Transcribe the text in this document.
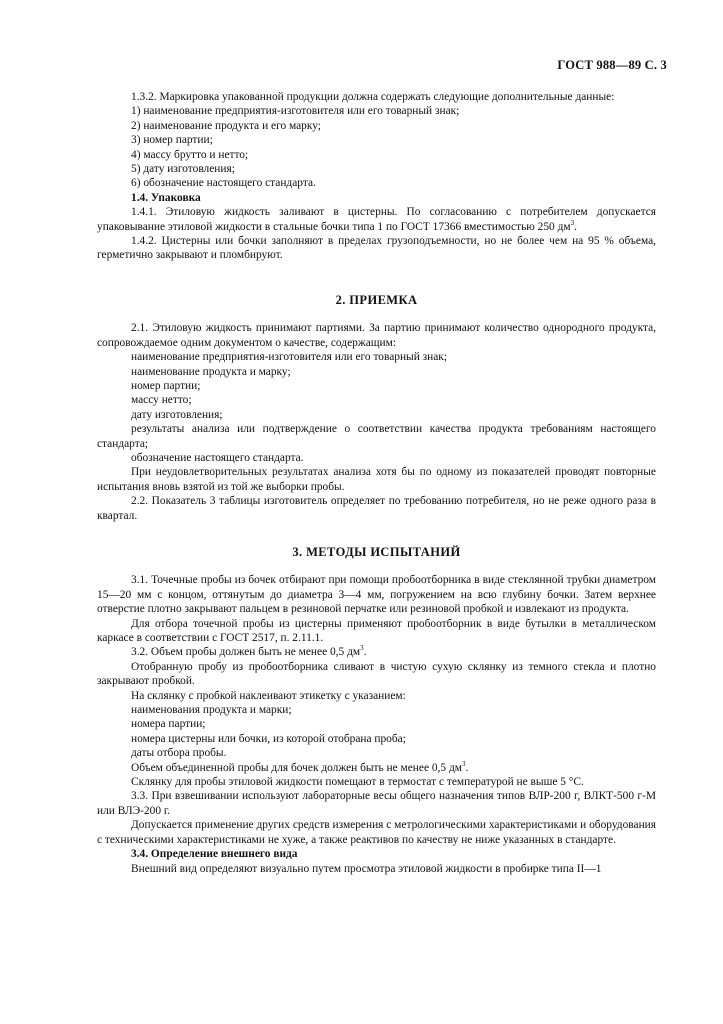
ГОСТ 988—89 С. 3

1.3.2. Маркировка упакованной продукции должна содержать следующие дополнительные данные:

1) наименование предприятия-изготовителя или его товарный знак;

2) наименование продукта и его марку;

3) номер партии;

4) массу брутто и нетто;

5) дату изготовления;

6) обозначение настоящего стандарта.

1.4. Упаковка

1.4.1. Этиловую жидкость заливают в цистерны. По согласованию с потребителем допускается упаковывание этиловой жидкости в стальные бочки типа 1 по ГОСТ 17366 вместимостью 250 $дм^3$.

1.4.2. Цистерны или бочки заполняют в пределах грузоподъемности, но не более чем на 95 % объема, герметично закрывают и пломбируют.

2. ПРИЕМКА

2.1. Этиловую жидкость принимают партиями. За партию принимают количество однородного продукта, сопровождаемое одним документом о качестве, содержащим:

наименование предприятия-изготовителя или его товарный знак;

наименование продукта и марку;

номер партии;

массу нетто;

дату изготовления;

результаты анализа или подтверждение о соответствии качества продукта требованиям настоящего стандарта;

обозначение настоящего стандарта.

При неудовлетворительных результатах анализа хотя бы по одному из показателей проводят повторные испытания вновь взятой из той же выборки пробы.

2.2. Показатель 3 таблицы изготовитель определяет по требованию потребителя, но не реже одного раза в квартал.

3. МЕТОДЫ ИСПЫТАНИЙ

3.1. Точечные пробы из бочек отбирают при помощи пробоотборника в виде стеклянной трубки диаметром 15—20 мм с концом, оттянутым до диаметра 3—4 мм, погружением на всю глубину бочки. Затем верхнее отверстие плотно закрывают пальцем в резиновой перчатке или резиновой пробкой и извлекают из продукта.

Для отбора точечной пробы из цистерны применяют пробоотборник в виде бутылки в металлическом каркасе в соответствии с ГОСТ 2517, п. 2.11.1.

3.2. Объем пробы должен быть не менее 0,5 $дм^3$.

Отобранную пробу из пробоотборника сливают в чистую сухую склянку из темного стекла и плотно закрывают пробкой.

На склянку с пробкой наклеивают этикетку с указанием:

наименования продукта и марки;

номера партии;

номера цистерны или бочки, из которой отобрана проба;

даты отбора пробы.

Объем объединенной пробы для бочек должен быть не менее 0,5 $дм^3$.

Склянку для пробы этиловой жидкости помещают в термостат с температурой не выше 5 °С.

3.3. При взвешивании используют лабораторные весы общего назначения типов ВЛР-200 г, ВЛКТ-500 г-М или ВЛЭ-200 г.

Допускается применение других средств измерения с метрологическими характеристиками и оборудования с техническими характеристиками не хуже, а также реактивов по качеству не ниже указанных в стандарте.

3.4. Определение внешнего вида

Внешний вид определяют визуально путем просмотра этиловой жидкости в пробирке типа II—1
